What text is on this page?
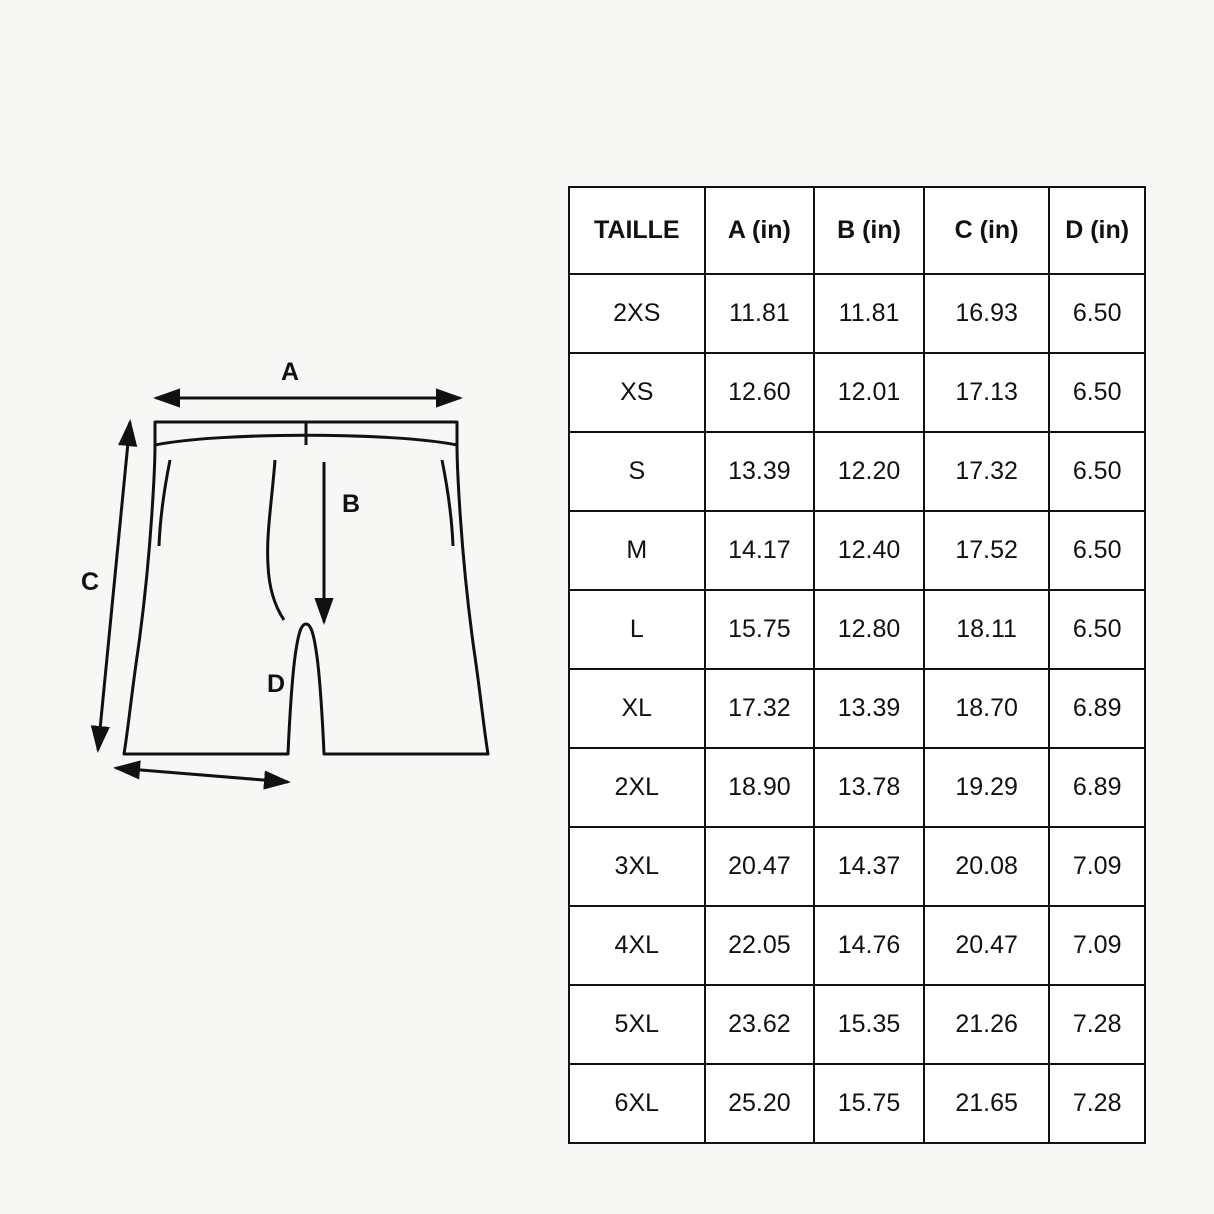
A
B
C
D
TAILLE	A (in)	B (in)	C (in)	D (in)
2XS	11.81	11.81	16.93	6.50
XS	12.60	12.01	17.13	6.50
S	13.39	12.20	17.32	6.50
M	14.17	12.40	17.52	6.50
L	15.75	12.80	18.11	6.50
XL	17.32	13.39	18.70	6.89
2XL	18.90	13.78	19.29	6.89
3XL	20.47	14.37	20.08	7.09
4XL	22.05	14.76	20.47	7.09
5XL	23.62	15.35	21.26	7.28
6XL	25.20	15.75	21.65	7.28
